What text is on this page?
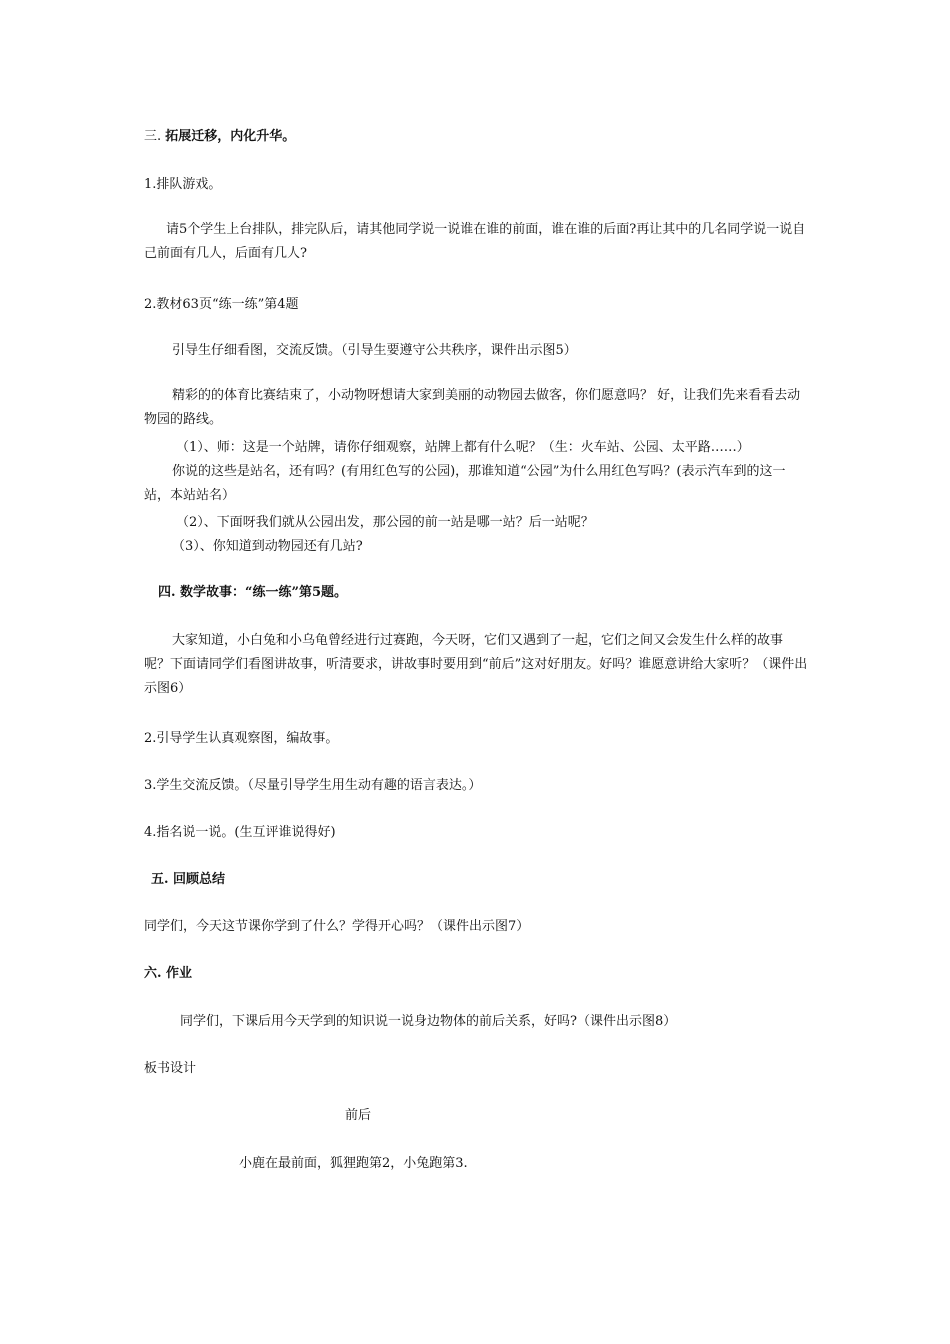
三. 拓展迁移，内化升华。
1.排队游戏。
请5个学生上台排队，排完队后，请其他同学说一说谁在谁的前面，谁在谁的后面?再让其中的几名同学说一说自己前面有几人，后面有几人?
2.教材63页“练一练”第4题
引导生仔细看图，交流反馈。（引导生要遵守公共秩序，课件出示图5）
精彩的的体育比赛结束了，小动物呀想请大家到美丽的动物园去做客，你们愿意吗？ 好，让我们先来看看去动物园的路线。
（1）、师：这是一个站牌，请你仔细观察，站牌上都有什么呢？（生：火车站、公园、太平路……）
你说的这些是站名，还有吗？(有用红色写的公园)，那谁知道“公园”为什么用红色写吗？(表示汽车到的这一站，本站站名）
（2）、下面呀我们就从公园出发，那公园的前一站是哪一站？后一站呢？
（3）、你知道到动物园还有几站?
四. 数学故事：“练一练”第5题。
大家知道，小白兔和小乌龟曾经进行过赛跑，今天呀，它们又遇到了一起，它们之间又会发生什么样的故事呢？下面请同学们看图讲故事，听清要求，讲故事时要用到“前后”这对好朋友。好吗？谁愿意讲给大家听？（课件出示图6）
2.引导学生认真观察图，编故事。
3.学生交流反馈。（尽量引导学生用生动有趣的语言表达。）
4.指名说一说。(生互评谁说得好)
五. 回顾总结
同学们，今天这节课你学到了什么？学得开心吗？（课件出示图7）
六. 作业
同学们，下课后用今天学到的知识说一说身边物体的前后关系，好吗?（课件出示图8）
板书设计
前后
小鹿在最前面，狐狸跑第2，小兔跑第3.
